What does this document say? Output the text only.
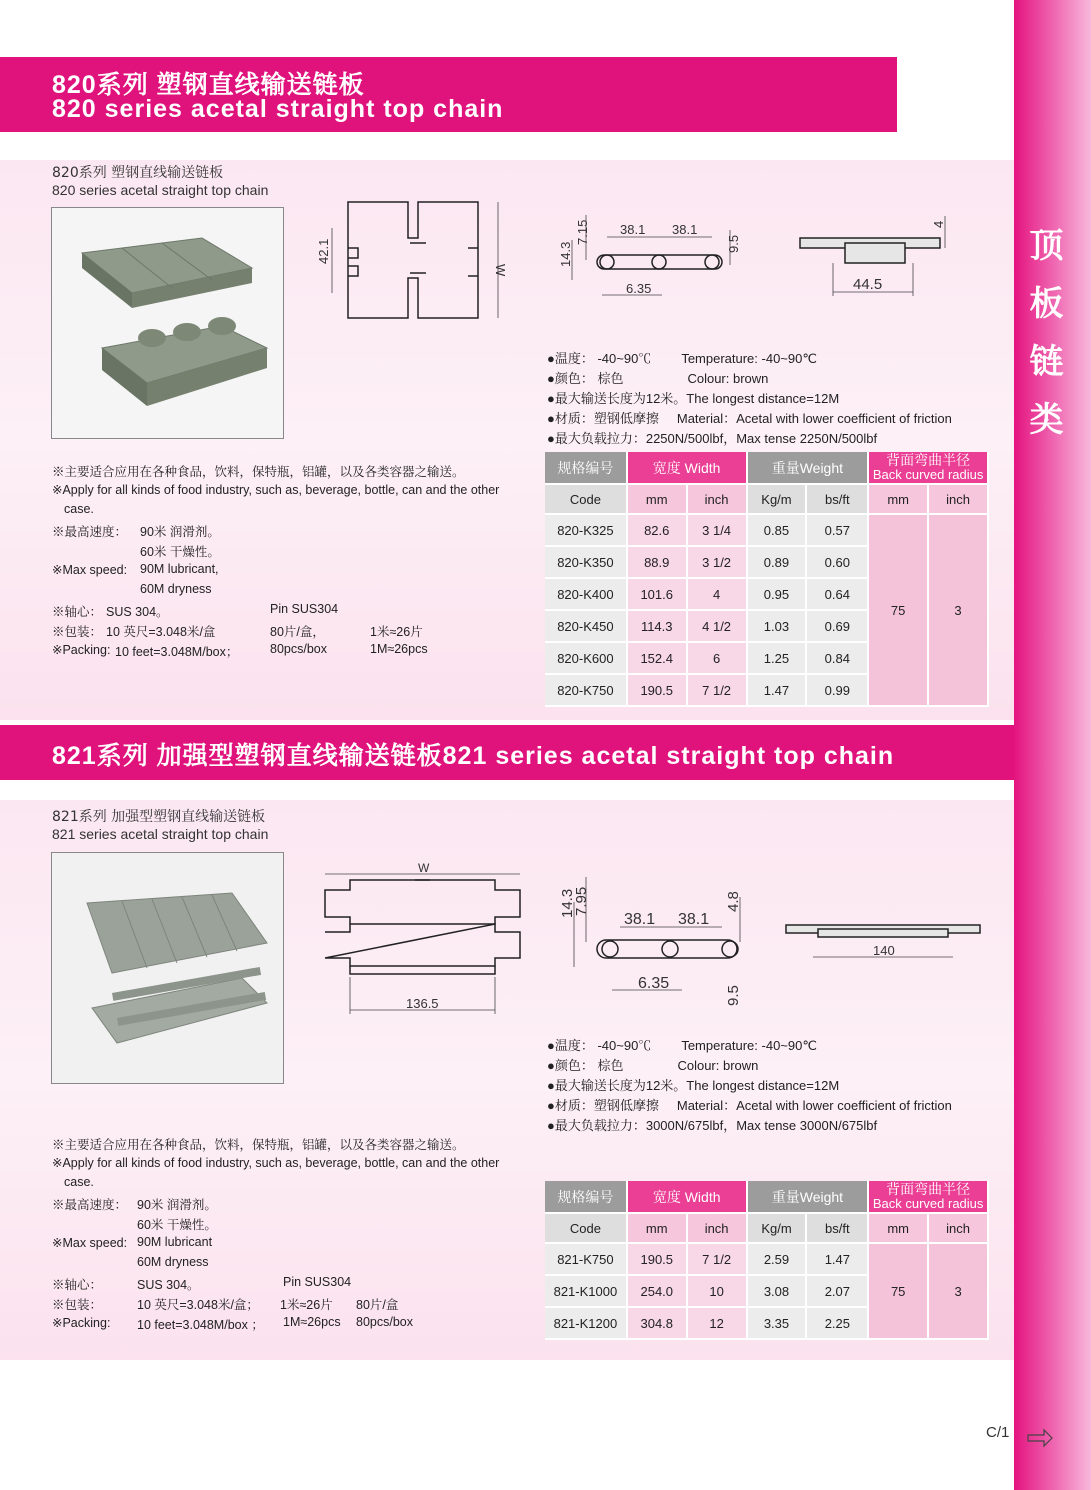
顶
板
链
类
820系列 塑钢直线输送链板
820 series acetal straight top chain
820系列 塑钢直线输送链板
820 series acetal straight top chain
42.1
W
14.3
7.15 38.1 38.1
9.5
6.35
4
44.5
●温度： -40~90℃ Temperature: -40~90℃
●颜色： 棕色	Colour: brown
●最大输送长度为12米。The longest distance=12M
●材质：塑钢低摩擦 Material：Acetal with lower coefficient of friction
●最大负载拉力：2250N/500lbf，Max tense 2250N/500lbf
※主要适合应用在各种食品，饮料，保特瓶，铝罐，以及各类容器之输送。
※Apply for all kinds of food industry, such as, beverage, bottle, can and the other
case.
※最高速度： 90米 润滑剂。
60米 干燥性。
※Max speed: 90M lubricant,
60M dryness
※轴心： SUS 304。	Pin SUS304
※包装： 10 英尺=3.048米/盒	80片/盒，	1米≈26片
※Packing: 10 feet=3.048M/box；	80pcs/box	1M≈26pcs
规格编号	宽度 Width		重量Weight		背面弯曲半径
Back curved radius	
Code	mm	inch	Kg/m	bs/ft	mm	inch
820-K325	82.6	3 1/4	0.85	0.57	75	3
820-K350	88.9	3 1/2	0.89	0.60		
820-K400	101.6	4	0.95	0.64		
820-K450	114.3	4 1/2	1.03	0.69		
820-K600	152.4	6	1.25	0.84		
820-K750	190.5	7 1/2	1.47	0.99		
821系列 加强型塑钢直线输送链板821 series acetal straight top chain
821系列 加强型塑钢直线输送链板
821 series acetal straight top chain
W
136.5
14.3
7.95
38.1 38.1
4.8
6.35
9.5
140
●温度： -40~90℃ Temperature: -40~90℃
●颜色： 棕色	Colour: brown
●最大输送长度为12米。The longest distance=12M
●材质：塑钢低摩擦 Material：Acetal with lower coefficient of friction
●最大负载拉力：3000N/675lbf，Max tense 3000N/675lbf
※主要适合应用在各种食品，饮料，保特瓶，铝罐，以及各类容器之输送。
※Apply for all kinds of food industry, such as, beverage, bottle, can and the other
case.
※最高速度： 90米 润滑剂。
60米 干燥性。
※Max speed: 90M lubricant
60M dryness
※轴心：	SUS 304。	Pin SUS304
※包装：	10 英尺=3.048米/盒； 1米≈26片 80片/盒
※Packing: 10 feet=3.048M/box ； 1M≈26pcs 80pcs/box
规格编号	宽度 Width		重量Weight		背面弯曲半径
Back curved radius	
Code	mm	inch	Kg/m	bs/ft	mm	inch
821-K750	190.5	7 1/2	2.59	1.47	75	3
821-K1000	254.0	10	3.08	2.07		
821-K1200	304.8	12	3.35	2.25		
C/1
